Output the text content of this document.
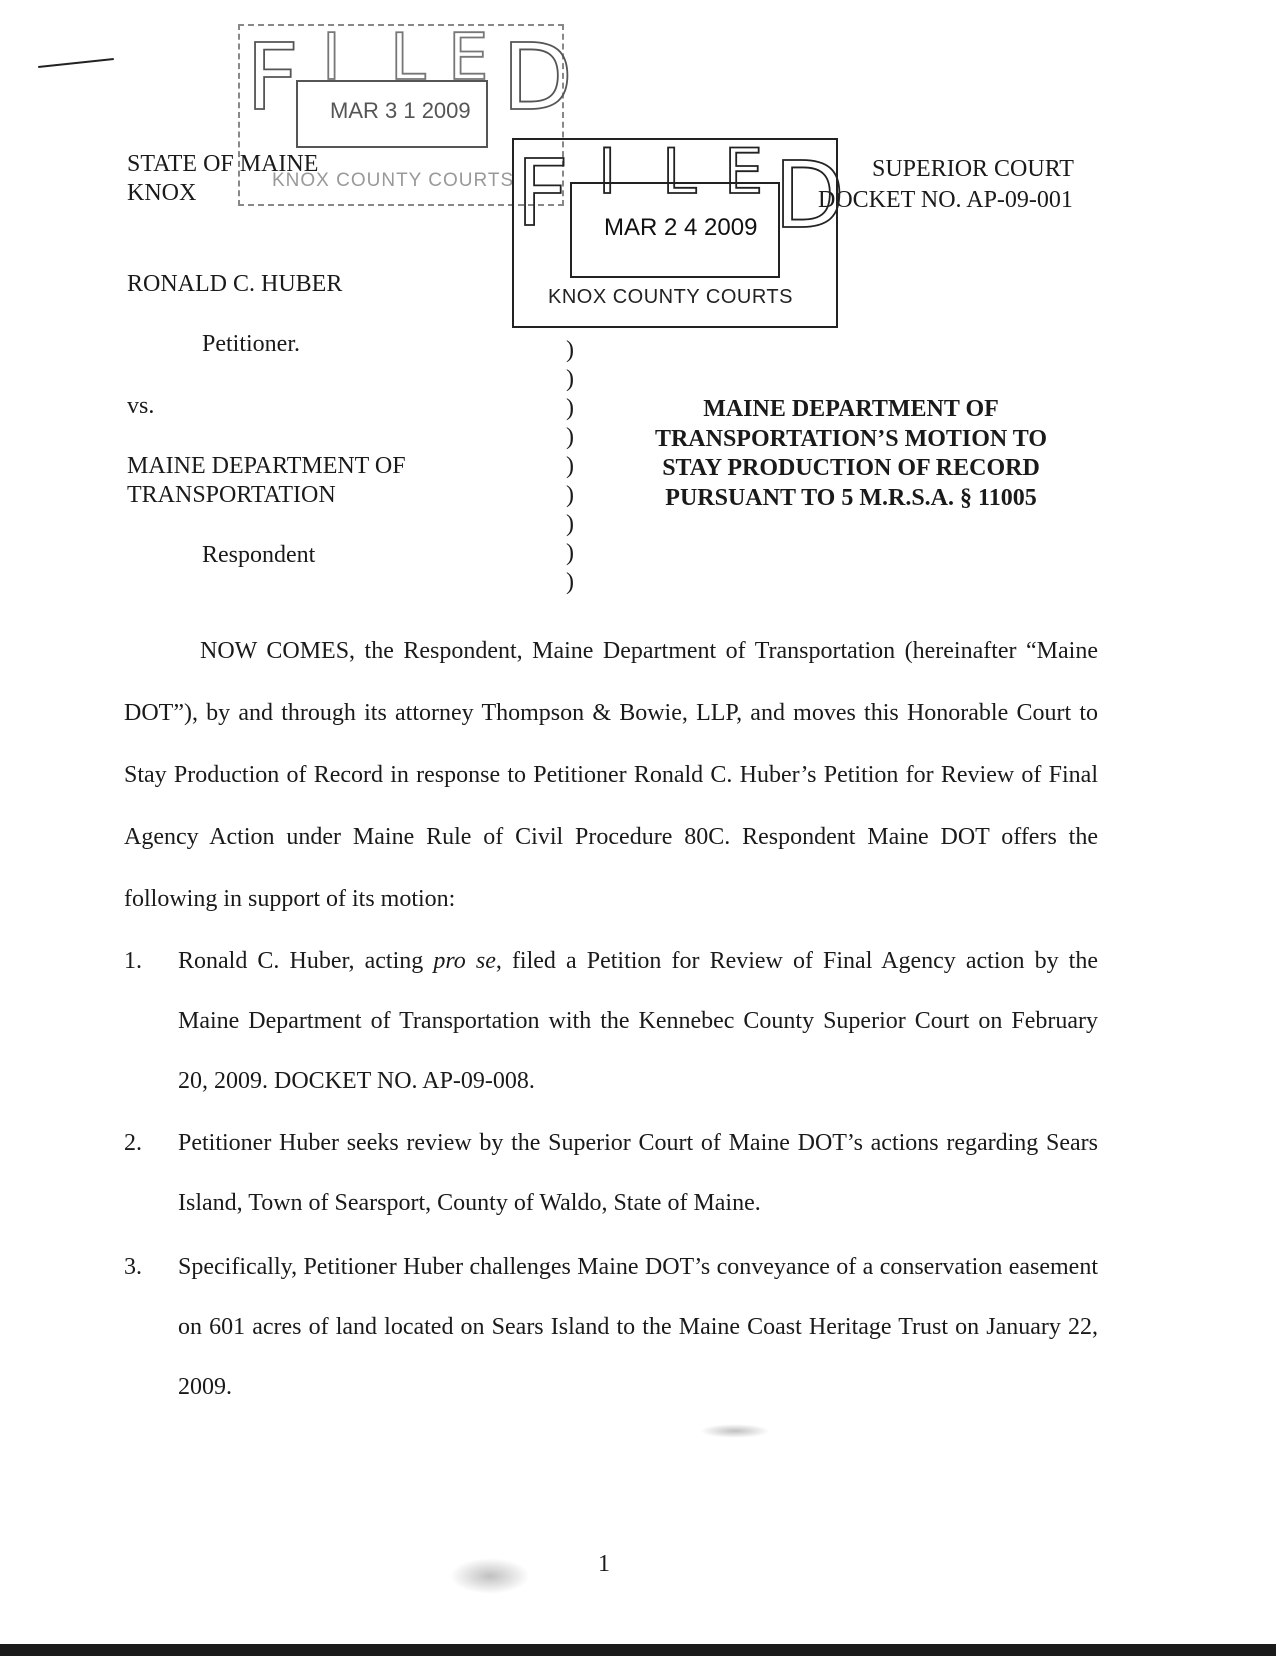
F I L E D
MAR 3 1 2009
KNOX COUNTY COURTS
STATE OF MAINE
KNOX
SUPERIOR COURT
DOCKET NO. AP-09-001
F I L E D
MAR 2 4 2009
KNOX COUNTY COURTS
RONALD C. HUBER
Petitioner.
vs.
MAINE DEPARTMENT OF
TRANSPORTATION
Respondent
)
)
)
)
)
)
)
)
)
MAINE DEPARTMENT OF
TRANSPORTATION’S MOTION TO
STAY PRODUCTION OF RECORD
PURSUANT TO 5 M.R.S.A. § 11005
NOW COMES, the Respondent, Maine Department of Transportation (hereinafter “Maine DOT”), by and through its attorney Thompson & Bowie, LLP, and moves this Honorable Court to Stay Production of Record in response to Petitioner Ronald C. Huber’s Petition for Review of Final Agency Action under Maine Rule of Civil Procedure 80C. Respondent Maine DOT offers the following in support of its motion:
1. Ronald C. Huber, acting pro se, filed a Petition for Review of Final Agency action by the Maine Department of Transportation with the Kennebec County Superior Court on February 20, 2009. DOCKET NO. AP-09-008.
2. Petitioner Huber seeks review by the Superior Court of Maine DOT’s actions regarding Sears Island, Town of Searsport, County of Waldo, State of Maine.
3. Specifically, Petitioner Huber challenges Maine DOT’s conveyance of a conservation easement on 601 acres of land located on Sears Island to the Maine Coast Heritage Trust on January 22, 2009.
1
